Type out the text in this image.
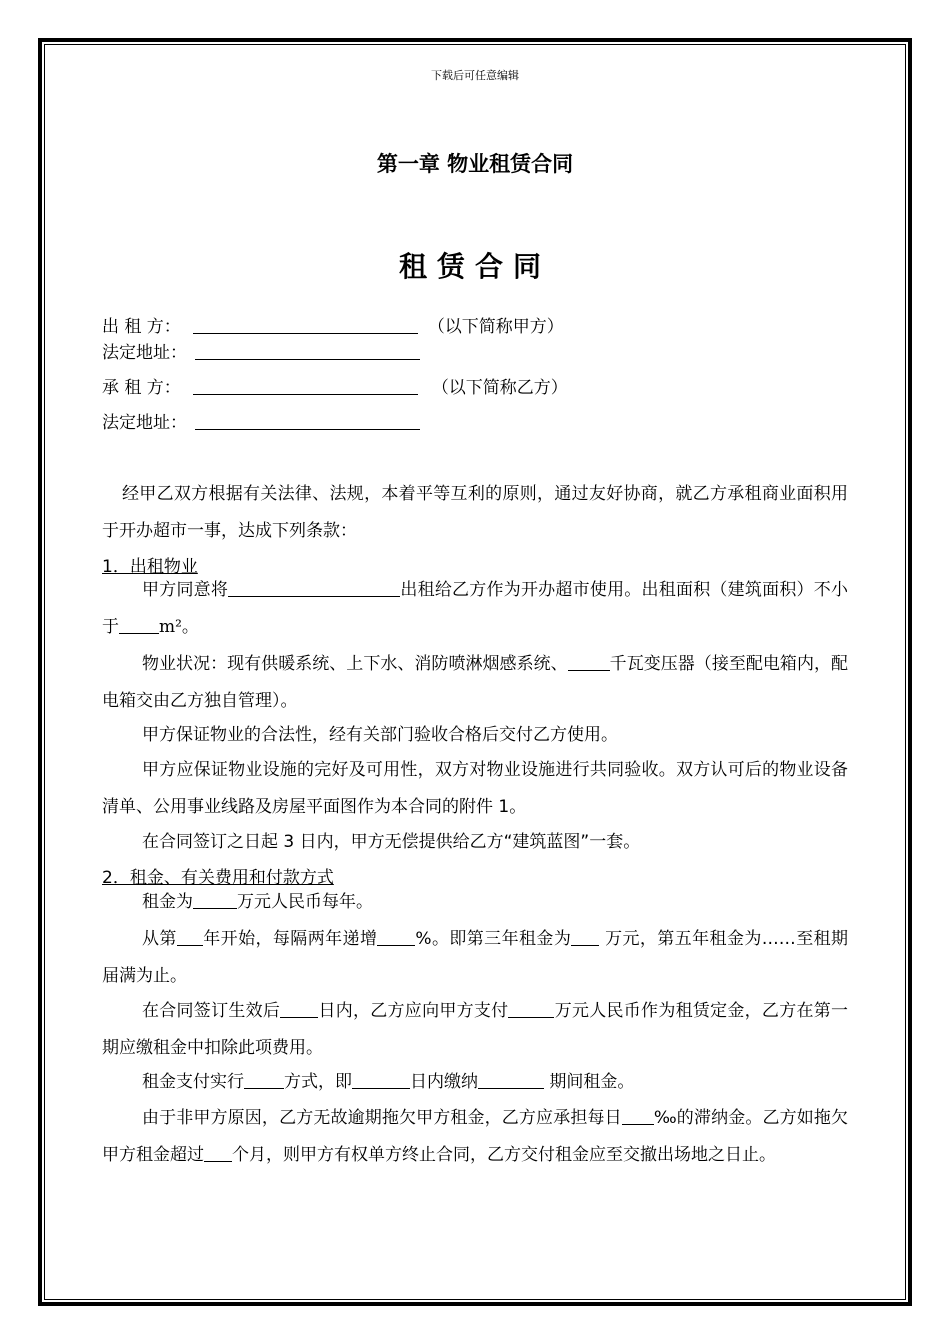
下载后可任意编辑
第一章 物业租赁合同
租赁合同
出 租 方：	（以下简称甲方）
法定地址：
承 租 方：	（以下简称乙方）
法定地址：
经甲乙双方根据有关法律、法规，本着平等互利的原则，通过友好协商，就乙方承租商业面积用于开办超市一事，达成下列条款：
1．出租物业
甲方同意将	出租给乙方作为开办超市使用。出租面积（建筑面积）不小于 m²。
物业状况：现有供暖系统、上下水、消防喷淋烟感系统、 千瓦变压器（接至配电箱内，配电箱交由乙方独自管理）。
甲方保证物业的合法性，经有关部门验收合格后交付乙方使用。
甲方应保证物业设施的完好及可用性，双方对物业设施进行共同验收。双方认可后的物业设备清单、公用事业线路及房屋平面图作为本合同的附件 1。
在合同签订之日起 3 日内，甲方无偿提供给乙方“建筑蓝图”一套。
2．租金、有关费用和付款方式
租金为	万元人民币每年。
从第 年开始，每隔两年递增 %。即第三年租金为 万元，第五年租金为……至租期届满为止。
在合同签订生效后 日内，乙方应向甲方支付	万元人民币作为租赁定金，乙方在第一期应缴租金中扣除此项费用。
租金支付实行 方式，即	日内缴纳	期间租金。
由于非甲方原因，乙方无故逾期拖欠甲方租金，乙方应承担每日 ‰的滞纳金。乙方如拖欠甲方租金超过 个月，则甲方有权单方终止合同，乙方交付租金应至交撤出场地之日止。
